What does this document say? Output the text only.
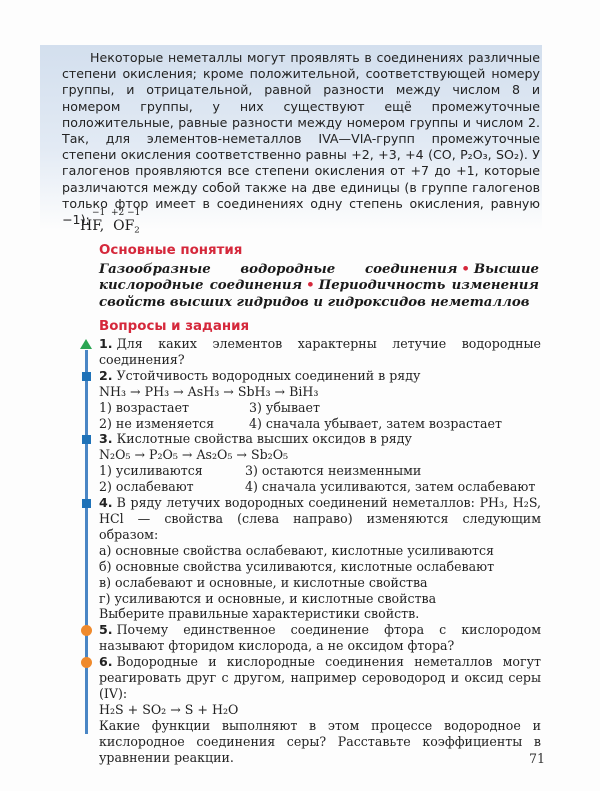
Некоторые неметаллы могут проявлять в соединениях различные степени окисления; кроме положительной, соответствующей номеру группы, и отрицательной, равной разности между числом 8 и номером группы, у них существуют ещё промежуточные положительные, равные разности между номером группы и числом 2. Так, для элементов-неметаллов IVA—VIA-групп промежуточные степени окисления соответственно равны +2, +3, +4 (CO, P₂O₃, SO₂). У галогенов проявляются все степени окисления от +7 до +1, которые различаются между собой также на две единицы (в группе галогенов только фтор имеет в соединениях одну степень окисления, равную −1): −1  +2 −1
HF,  $OF_2$
Основные понятия
Газообразные водородные соединения • Высшие кислородные соединения • Периодичность изменения свойств высших гидридов и гидроксидов неметаллов
Вопросы и задания
1. Для каких элементов характерны летучие водородные соединения?
2. Устойчивость водородных соединений в ряду
NH₃ → PH₃ → AsH₃ → SbH₃ → BiH₃
1) возрастает	3) убывает
2) не изменяется	4) сначала убывает, затем возрастает
3. Кислотные свойства высших оксидов в ряду
N₂O₅ → P₂O₅ → As₂O₅ → Sb₂O₅
1) усиливаются	3) остаются неизменными
2) ослабевают	4) сначала усиливаются, затем ослабевают
4. В ряду летучих водородных соединений неметаллов: PH₃, H₂S, HCl — свойства (слева направо) изменяются следующим образом:
а) основные свойства ослабевают, кислотные усиливаются
б) основные свойства усиливаются, кислотные ослабевают
в) ослабевают и основные, и кислотные свойства
г) усиливаются и основные, и кислотные свойства
Выберите правильные характеристики свойств.
5. Почему единственное соединение фтора с кислородом называют фторидом кислорода, а не оксидом фтора?
6. Водородные и кислородные соединения неметаллов могут реагировать друг с другом, например сероводород и оксид серы (IV):
H₂S + SO₂ → S + H₂O
Какие функции выполняют в этом процессе водородное и кислородное соединения серы? Расставьте коэффициенты в уравнении реакции.	71
